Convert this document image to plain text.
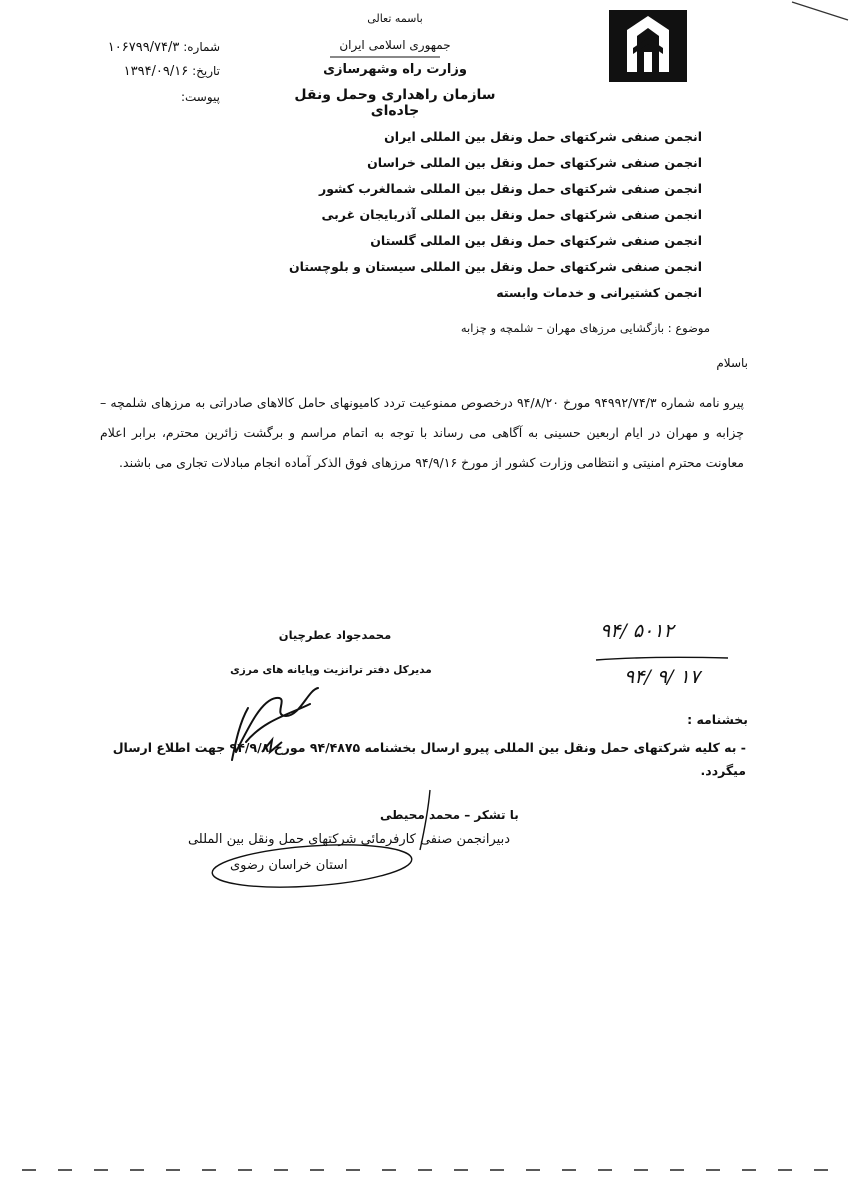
باسمه تعالی
جمهوری اسلامی ایران
وزارت راه وشهرسازی
سازمان راهداری وحمل ونقل جاده‌ای
شماره: ۱۰۶۷۹۹/۷۴/۳
تاریخ: ۱۳۹۴/۰۹/۱۶
پیوست:
انجمن صنفی شرکتهای حمل ونقل بین المللی ایران
انجمن صنفی شرکتهای حمل ونقل بین المللی خراسان
انجمن صنفی شرکتهای حمل ونقل بین المللی شمالغرب کشور
انجمن صنفی شرکتهای حمل ونقل بین المللی آذربایجان غربی
انجمن صنفی شرکتهای حمل ونقل بین المللی گلستان
انجمن صنفی شرکتهای حمل ونقل بین المللی سیستان و بلوچستان
انجمن کشتیرانی و خدمات وابسته
موضوع : بازگشایی مرزهای مهران – شلمچه و چزابه
باسلام
پیرو نامه شماره ۹۴۹۹۲/۷۴/۳ مورخ ۹۴/۸/۲۰ درخصوص ممنوعیت تردد کامیونهای حامل کالاهای صادراتی به مرزهای شلمچه – چزابه و مهران در ایام اربعین حسینی به آگاهی می رساند با توجه به اتمام مراسم و برگشت زائرین محترم، برابر اعلام معاونت محترم امنیتی و انتظامی وزارت کشور از مورخ ۹۴/۹/۱۶ مرزهای فوق الذکر آماده انجام مبادلات تجاری می باشند.
محمدجواد عطرچیان
مدیرکل دفتر ترانزیت وپایانه های مرزی
۹۴/ ۵۰۱۲
۹۴/ ۹/ ۱۷
بخشنامه :
- به کلیه شرکتهای حمل ونقل بین المللی پیرو ارسال بخشنامه ۹۴/۴۸۷۵ مورخ ۹۴/۹/۸ جهت اطلاع ارسال میگردد.
با تشکر – محمد محیطی
دبیرانجمن صنفی کارفرمائی شرکتهای حمل ونقل بین المللی
استان خراسان رضوی
